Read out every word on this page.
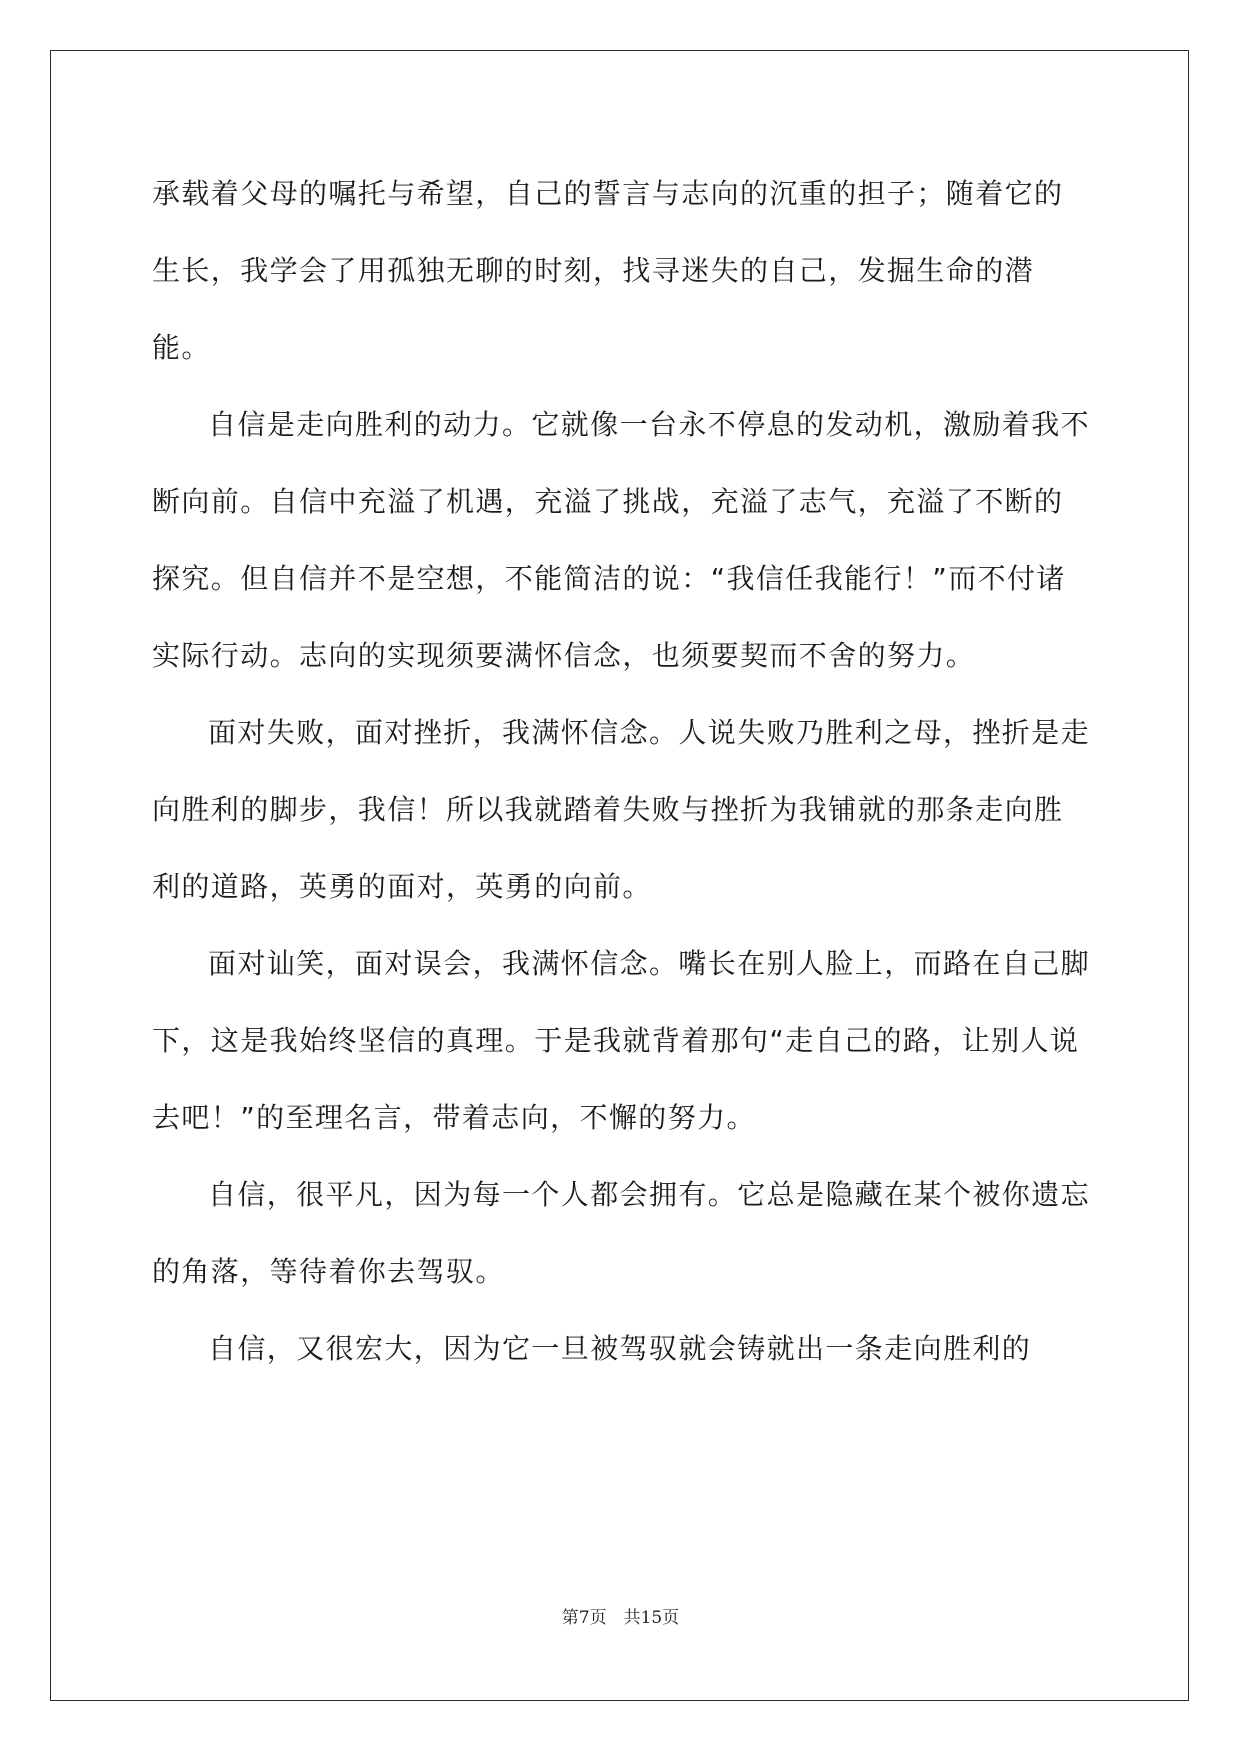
承载着父母的嘱托与希望，自己的誓言与志向的沉重的担子；随着它的生长，我学会了用孤独无聊的时刻，找寻迷失的自己，发掘生命的潜能。

自信是走向胜利的动力。它就像一台永不停息的发动机，激励着我不断向前。自信中充溢了机遇，充溢了挑战，充溢了志气，充溢了不断的探究。但自信并不是空想，不能简洁的说：“我信任我能行！”而不付诸实际行动。志向的实现须要满怀信念，也须要契而不舍的努力。

面对失败，面对挫折，我满怀信念。人说失败乃胜利之母，挫折是走向胜利的脚步，我信！所以我就踏着失败与挫折为我铺就的那条走向胜利的道路，英勇的面对，英勇的向前。

面对讪笑，面对误会，我满怀信念。嘴长在别人脸上，而路在自己脚下，这是我始终坚信的真理。于是我就背着那句“走自己的路，让别人说去吧！”的至理名言，带着志向，不懈的努力。

自信，很平凡，因为每一个人都会拥有。它总是隐藏在某个被你遗忘的角落，等待着你去驾驭。

自信，又很宏大，因为它一旦被驾驭就会铸就出一条走向胜利的

第7页　共15页
